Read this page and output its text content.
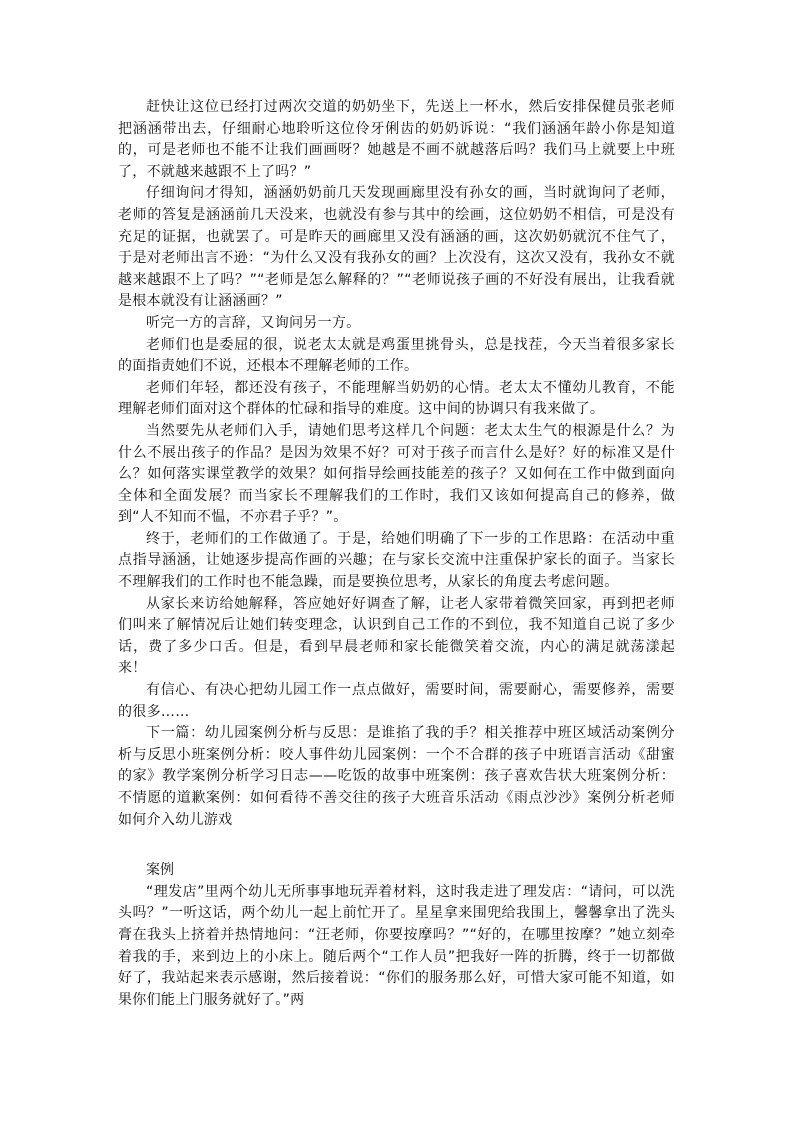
赶快让这位已经打过两次交道的奶奶坐下，先送上一杯水，然后安排保健员张老师把涵涵带出去，仔细耐心地聆听这位伶牙俐齿的奶奶诉说：“我们涵涵年龄小你是知道的，可是老师也不能不让我们画画呀？她越是不画不就越落后吗？我们马上就要上中班了，不就越来越跟不上了吗？”

仔细询问才得知，涵涵奶奶前几天发现画廊里没有孙女的画，当时就询问了老师，老师的答复是涵涵前几天没来，也就没有参与其中的绘画，这位奶奶不相信，可是没有充足的证据，也就罢了。可是昨天的画廊里又没有涵涵的画，这次奶奶就沉不住气了，于是对老师出言不逊：“为什么又没有我孙女的画？上次没有，这次又没有，我孙女不就越来越跟不上了吗？”“老师是怎么解释的？”“老师说孩子画的不好没有展出，让我看就是根本就没有让涵涵画？”

听完一方的言辞，又询问另一方。

老师们也是委屈的很，说老太太就是鸡蛋里挑骨头，总是找茬，今天当着很多家长的面指责她们不说，还根本不理解老师的工作。

老师们年轻，都还没有孩子，不能理解当奶奶的心情。老太太不懂幼儿教育，不能理解老师们面对这个群体的忙碌和指导的难度。这中间的协调只有我来做了。

当然要先从老师们入手，请她们思考这样几个问题：老太太生气的根源是什么？为什么不展出孩子的作品？是因为效果不好？可对于孩子而言什么是好？好的标准又是什么？如何落实课堂教学的效果？如何指导绘画技能差的孩子？又如何在工作中做到面向全体和全面发展？而当家长不理解我们的工作时，我们又该如何提高自己的修养，做到“人不知而不愠，不亦君子乎？”。

终于，老师们的工作做通了。于是，给她们明确了下一步的工作思路：在活动中重点指导涵涵，让她逐步提高作画的兴趣；在与家长交流中注重保护家长的面子。当家长不理解我们的工作时也不能急躁，而是要换位思考，从家长的角度去考虑问题。

从家长来访给她解释，答应她好好调查了解，让老人家带着微笑回家，再到把老师们叫来了解情况后让她们转变理念，认识到自己工作的不到位，我不知道自己说了多少话，费了多少口舌。但是，看到早晨老师和家长能微笑着交流，内心的满足就荡漾起来！

有信心、有决心把幼儿园工作一点点做好，需要时间，需要耐心，需要修养，需要的很多……

下一篇：幼儿园案例分析与反思：是谁掐了我的手？相关推荐中班区域活动案例分析与反思小班案例分析：咬人事件幼儿园案例：一个不合群的孩子中班语言活动《甜蜜的家》教学案例分析学习日志——吃饭的故事中班案例：孩子喜欢告状大班案例分析：不情愿的道歉案例：如何看待不善交往的孩子大班音乐活动《雨点沙沙》案例分析老师如何介入幼儿游戏

案例

“理发店”里两个幼儿无所事事地玩弄着材料，这时我走进了理发店：“请问，可以洗头吗？”一听这话，两个幼儿一起上前忙开了。星星拿来围兜给我围上，馨馨拿出了洗头膏在我头上挤着并热情地问：“汪老师，你要按摩吗？”“好的，在哪里按摩？”她立刻牵着我的手，来到边上的小床上。随后两个“工作人员”把我好一阵的折腾，终于一切都做好了，我站起来表示感谢，然后接着说：“你们的服务那么好，可惜大家可能不知道，如果你们能上门服务就好了。”两
